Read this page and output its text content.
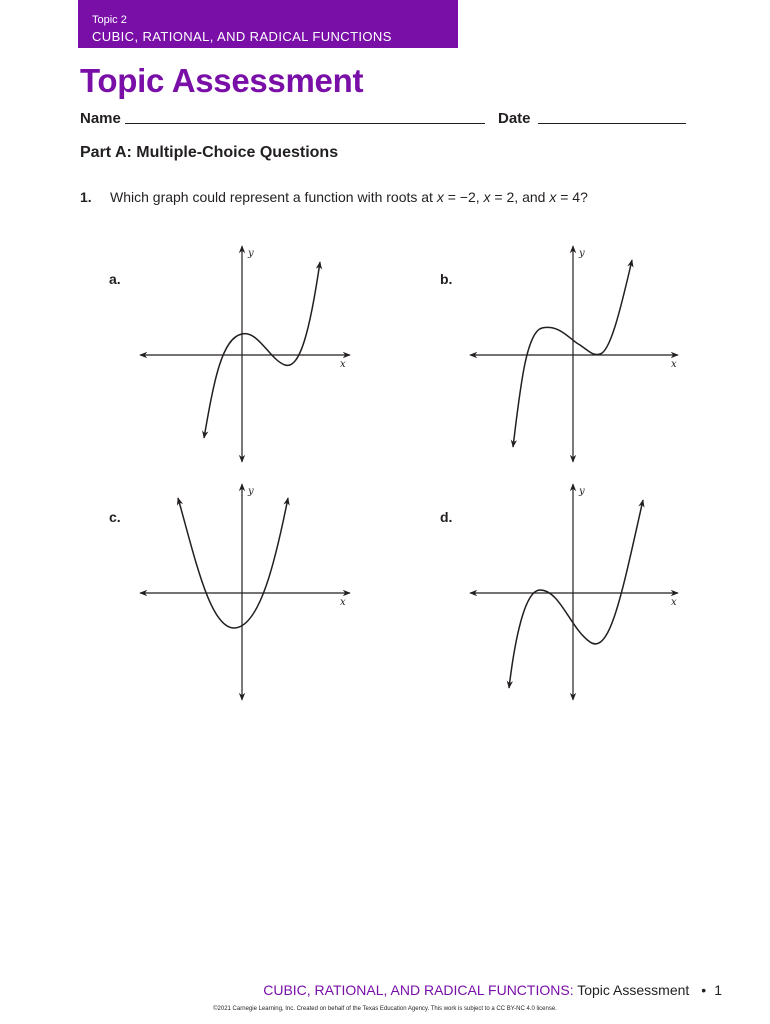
Topic 2
CUBIC, RATIONAL, AND RADICAL FUNCTIONS
Topic Assessment
Name	Date
Part A: Multiple-Choice Questions
1. Which graph could represent a function with roots at x = −2, x = 2, and x = 4?
a.
y
x
b.
y
x
c.
y
x
d.
y
x
CUBIC, RATIONAL, AND RADICAL FUNCTIONS: Topic Assessment • 1
©2021 Carnegie Learning, Inc. Created on behalf of the Texas Education Agency. This work is subject to a CC BY-NC 4.0 license.
